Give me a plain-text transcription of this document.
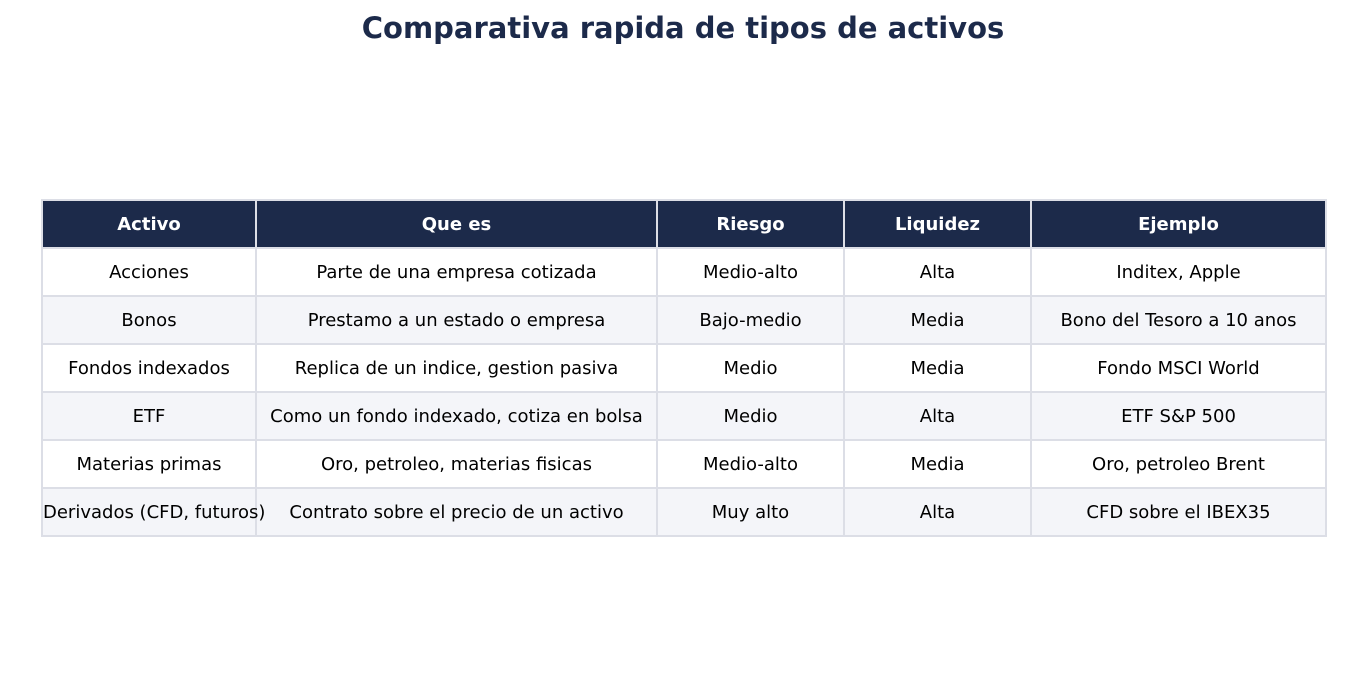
Comparativa rapida de tipos de activos
Activo	Que es	Riesgo	Liquidez	Ejemplo
Acciones	Parte de una empresa cotizada	Medio-alto	Alta	Inditex, Apple
Bonos	Prestamo a un estado o empresa	Bajo-medio	Media	Bono del Tesoro a 10 anos
Fondos indexados	Replica de un indice, gestion pasiva	Medio	Media	Fondo MSCI World
ETF	Como un fondo indexado, cotiza en bolsa	Medio	Alta	ETF S&P 500
Materias primas	Oro, petroleo, materias fisicas	Medio-alto	Media	Oro, petroleo Brent
Derivados (CFD, futuros)	Contrato sobre el precio de un activo	Muy alto	Alta	CFD sobre el IBEX35
